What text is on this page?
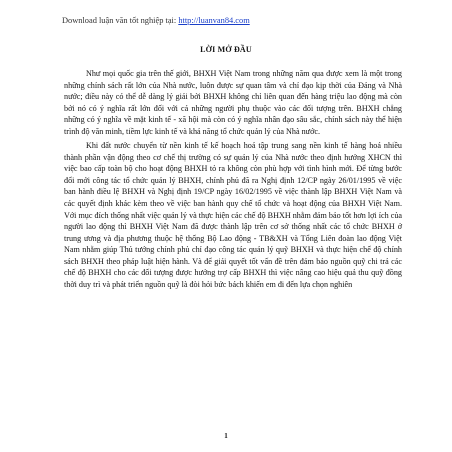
Download luận văn tốt nghiệp tại: http://luanvan84.com
LỜI MỞ ĐẦU

Như mọi quốc gia trên thế giới, BHXH Việt Nam trong những năm qua được xem là một trong những chính sách rất lớn của Nhà nước, luôn được sự quan tâm và chỉ đạo kịp thời của Đảng và Nhà nước; điều này có thể dễ dàng lý giải bởi BHXH không chỉ liên quan đến hàng triệu lao động mà còn bởi nó có ý nghĩa rất lớn đối với cả những người phụ thuộc vào các đối tượng trên. BHXH chẳng những có ý nghĩa về mặt kinh tế - xã hội mà còn có ý nghĩa nhân đạo sâu sắc, chính sách này thể hiện trình độ văn minh, tiềm lực kinh tế và khả năng tổ chức quản lý của Nhà nước.

Khi đất nước chuyển từ nền kinh tế kế hoạch hoá tập trung sang nền kinh tế hàng hoá nhiều thành phần vận động theo cơ chế thị trường có sự quản lý của Nhà nước theo định hướng XHCN thì việc bao cấp toàn bộ cho hoạt động BHXH tỏ ra không còn phù hợp với tình hình mới. Để từng bước đổi mới công tác tổ chức quản lý BHXH, chính phủ đã ra Nghị định 12/CP ngày 26/01/1995 về việc ban hành điều lệ BHXH và Nghị định 19/CP ngày 16/02/1995 về việc thành lập BHXH Việt Nam và các quyết định khác kèm theo về việc ban hành quy chế tổ chức và hoạt động của BHXH Việt Nam. Với mục đích thống nhất việc quản lý và thực hiện các chế độ BHXH nhằm đảm bảo tốt hơn lợi ích của người lao động thì BHXH Việt Nam đã được thành lập trên cơ sở thống nhất các tổ chức BHXH ở trung ương và địa phương thuộc hệ thống Bộ Lao động - TB&XH và Tổng Liên đoàn lao động Việt Nam nhằm giúp Thủ tướng chính phủ chỉ đạo công tác quản lý quỹ BHXH và thực hiện chế độ chính sách BHXH theo pháp luật hiện hành. Và để giải quyết tốt vấn đề trên đảm bảo nguồn quỹ chi trả các chế độ BHXH cho các đối tượng được hưởng trợ cấp BHXH thì việc nâng cao hiệu quả thu quỹ đồng thời duy trì và phát triển nguồn quỹ là đòi hỏi bức bách khiến em đi đến lựa chọn nghiên

1
